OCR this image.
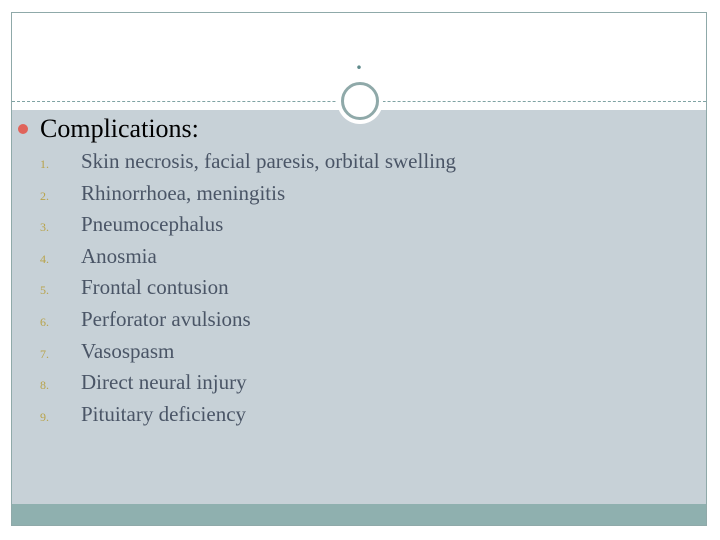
.
Complications:
1.	Skin necrosis, facial paresis, orbital swelling
2.	Rhinorrhoea, meningitis
3.	Pneumocephalus
4.	Anosmia
5.	Frontal contusion
6.	Perforator avulsions
7.	Vasospasm
8.	Direct neural injury
9.	Pituitary deficiency
